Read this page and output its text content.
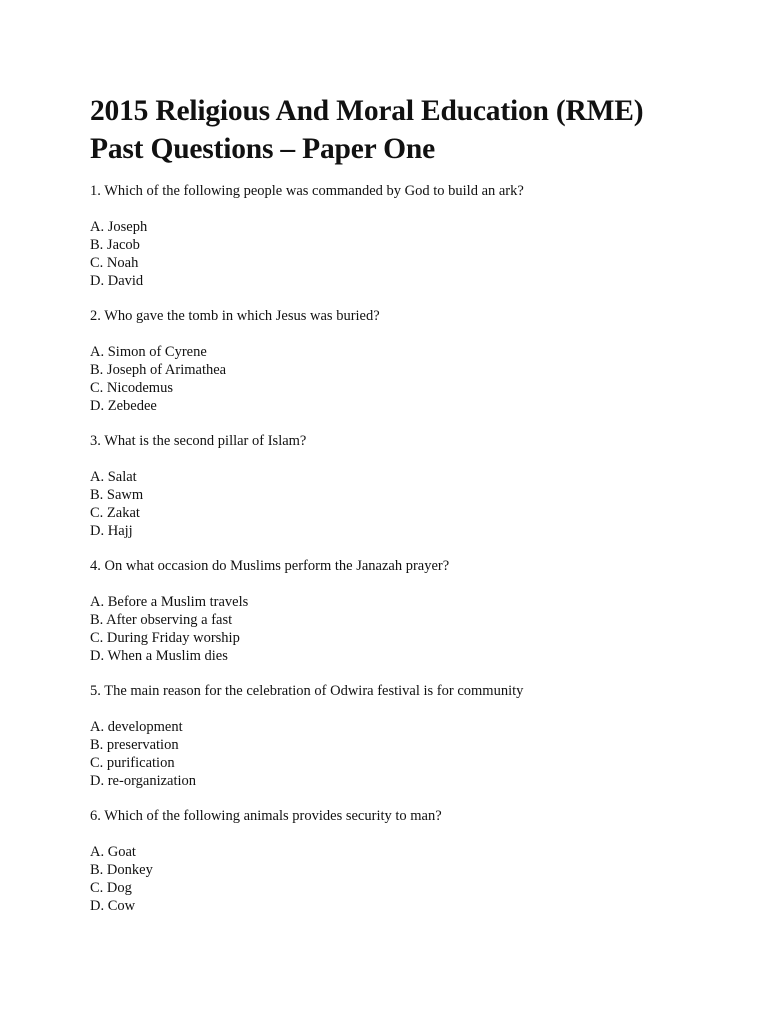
2015 Religious And Moral Education (RME)
Past Questions – Paper One

1. Which of the following people was commanded by God to build an ark?

A. Joseph

B. Jacob

C. Noah

D. David

2. Who gave the tomb in which Jesus was buried?

A. Simon of Cyrene

B. Joseph of Arimathea

C. Nicodemus

D. Zebedee

3. What is the second pillar of Islam?

A. Salat

B. Sawm

C. Zakat

D. Hajj

4. On what occasion do Muslims perform the Janazah prayer?

A. Before a Muslim travels

B. After observing a fast

C. During Friday worship

D. When a Muslim dies

5. The main reason for the celebration of Odwira festival is for community

A. development

B. preservation

C. purification

D. re-organization

6. Which of the following animals provides security to man?

A. Goat

B. Donkey

C. Dog

D. Cow
